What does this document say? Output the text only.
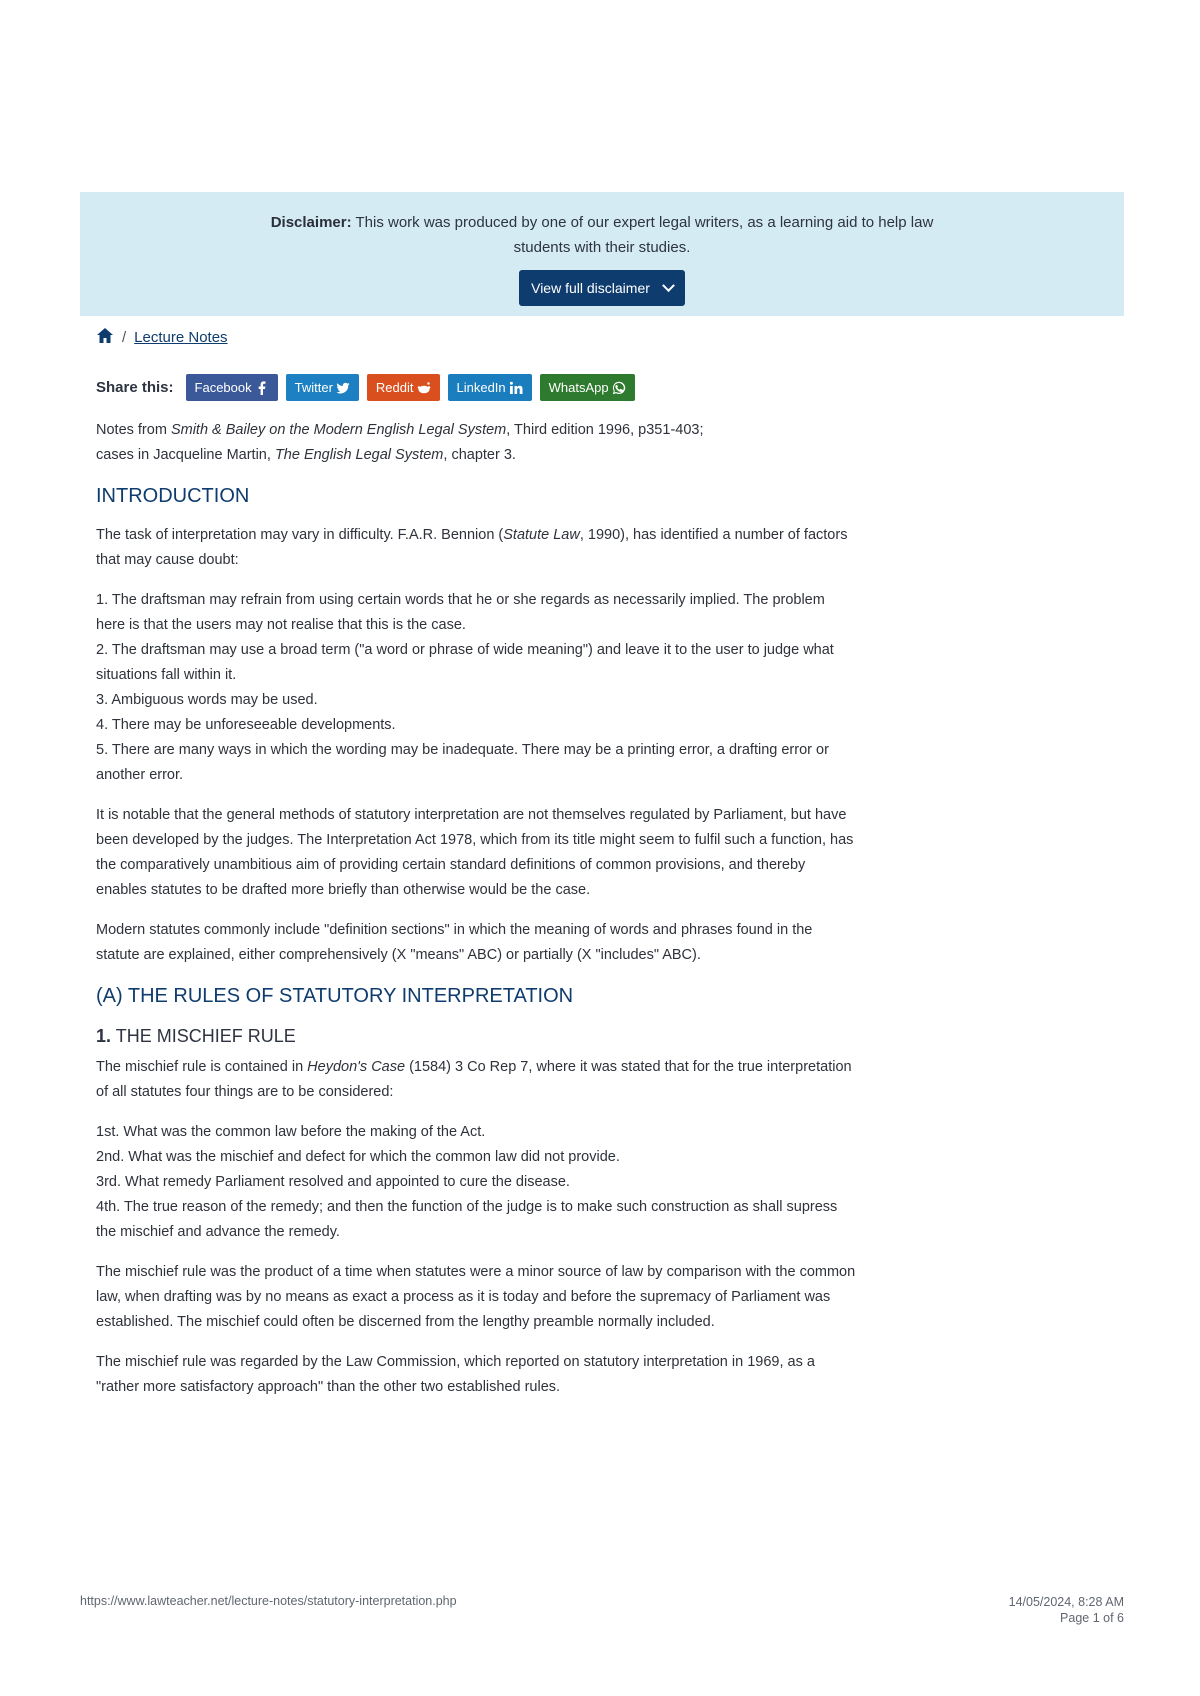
Disclaimer: This work was produced by one of our expert legal writers, as a learning aid to help law students with their studies.
View full disclaimer
/ Lecture Notes
Share this: Facebook	Twitter	Reddit	LinkedIn	WhatsApp

Notes from Smith & Bailey on the Modern English Legal System, Third edition 1996, p351-403;
cases in Jacqueline Martin, The English Legal System, chapter 3.

INTRODUCTION

The task of interpretation may vary in difficulty. F.A.R. Bennion (Statute Law, 1990), has identified a number of factors that may cause doubt:

1. The draftsman may refrain from using certain words that he or she regards as necessarily implied. The problem here is that the users may not realise that this is the case.
2. The draftsman may use a broad term ("a word or phrase of wide meaning") and leave it to the user to judge what situations fall within it.
3. Ambiguous words may be used.
4. There may be unforeseeable developments.
5. There are many ways in which the wording may be inadequate. There may be a printing error, a drafting error or another error.

It is notable that the general methods of statutory interpretation are not themselves regulated by Parliament, but have been developed by the judges. The Interpretation Act 1978, which from its title might seem to fulfil such a function, has the comparatively unambitious aim of providing certain standard definitions of common provisions, and thereby enables statutes to be drafted more briefly than otherwise would be the case.

Modern statutes commonly include "definition sections" in which the meaning of words and phrases found in the statute are explained, either comprehensively (X "means" ABC) or partially (X "includes" ABC).

(A) THE RULES OF STATUTORY INTERPRETATION
1. THE MISCHIEF RULE

The mischief rule is contained in Heydon's Case (1584) 3 Co Rep 7, where it was stated that for the true interpretation of all statutes four things are to be considered:

1st. What was the common law before the making of the Act.
2nd. What was the mischief and defect for which the common law did not provide.
3rd. What remedy Parliament resolved and appointed to cure the disease.
4th. The true reason of the remedy; and then the function of the judge is to make such construction as shall supress the mischief and advance the remedy.

The mischief rule was the product of a time when statutes were a minor source of law by comparison with the common law, when drafting was by no means as exact a process as it is today and before the supremacy of Parliament was established. The mischief could often be discerned from the lengthy preamble normally included.

The mischief rule was regarded by the Law Commission, which reported on statutory interpretation in 1969, as a "rather more satisfactory approach" than the other two established rules.

https://www.lawteacher.net/lecture-notes/statutory-interpretation.php	14/05/2024, 8:28 AM
Page 1 of 6
